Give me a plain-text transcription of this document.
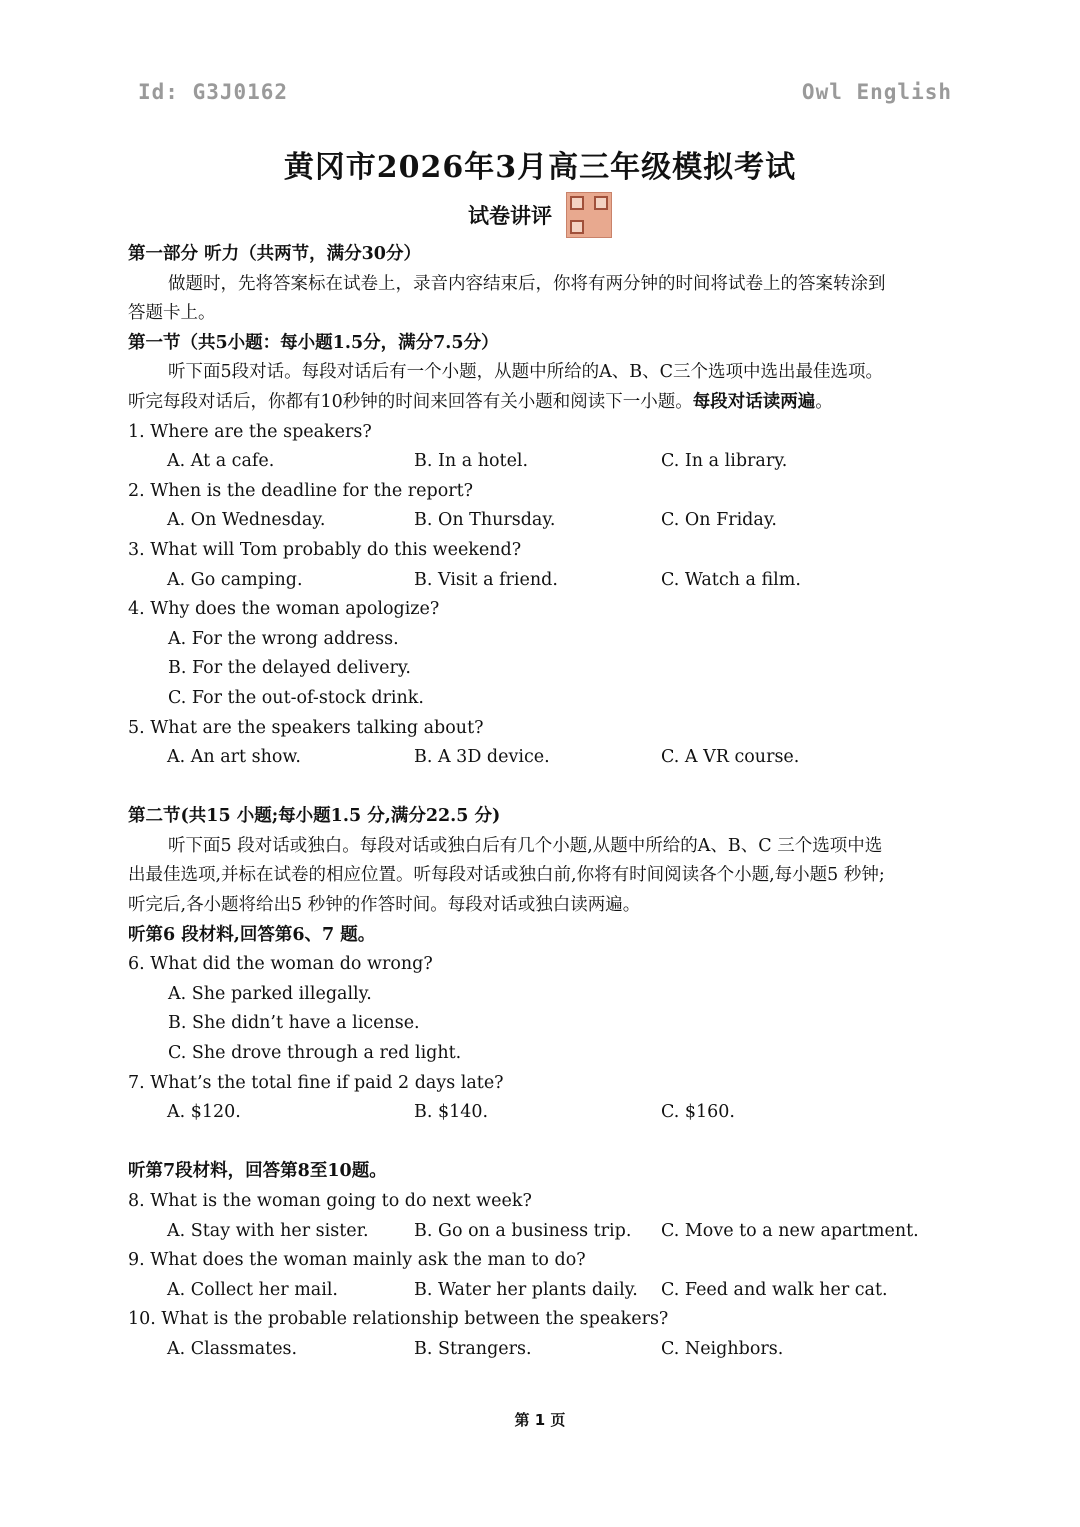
Id: G3J0162	Owl English
黄冈市2026年3月高三年级模拟考试
试卷讲评
第一部分 听力（共两节，满分30分）
做题时，先将答案标在试卷上，录音内容结束后，你将有两分钟的时间将试卷上的答案转涂到
答题卡上。
第一节（共5小题：每小题1.5分，满分7.5分）
听下面5段对话。每段对话后有一个小题，从题中所给的A、B、C三个选项中选出最佳选项。
听完每段对话后，你都有10秒钟的时间来回答有关小题和阅读下一小题。每段对话读两遍。
1. Where are the speakers?
A. At a cafe.	B. In a hotel.	C. In a library.
2. When is the deadline for the report?
A. On Wednesday.	B. On Thursday.	C. On Friday.
3. What will Tom probably do this weekend?
A. Go camping.	B. Visit a friend.	C. Watch a film.
4. Why does the woman apologize?
A. For the wrong address.
B. For the delayed delivery.
C. For the out-of-stock drink.
5. What are the speakers talking about?
A. An art show.	B. A 3D device.	C. A VR course.
第二节(共15 小题;每小题1.5 分,满分22.5 分)
听下面5 段对话或独白。每段对话或独白后有几个小题,从题中所给的A、B、C 三个选项中选
出最佳选项,并标在试卷的相应位置。听每段对话或独白前,你将有时间阅读各个小题,每小题5 秒钟;
听完后,各小题将给出5 秒钟的作答时间。每段对话或独白读两遍。
听第6 段材料,回答第6、7 题。
6. What did the woman do wrong?
A. She parked illegally.
B. She didn’t have a license.
C. She drove through a red light.
7. What’s the total fine if paid 2 days late?
A. $120.	B. $140.	C. $160.
听第7段材料，回答第8至10题。
8. What is the woman going to do next week?
A. Stay with her sister.	B. Go on a business trip.	C. Move to a new apartment.
9. What does the woman mainly ask the man to do?
A. Collect her mail.	B. Water her plants daily.	C. Feed and walk her cat.
10. What is the probable relationship between the speakers?
A. Classmates.	B. Strangers.	C. Neighbors.
第 1 页
